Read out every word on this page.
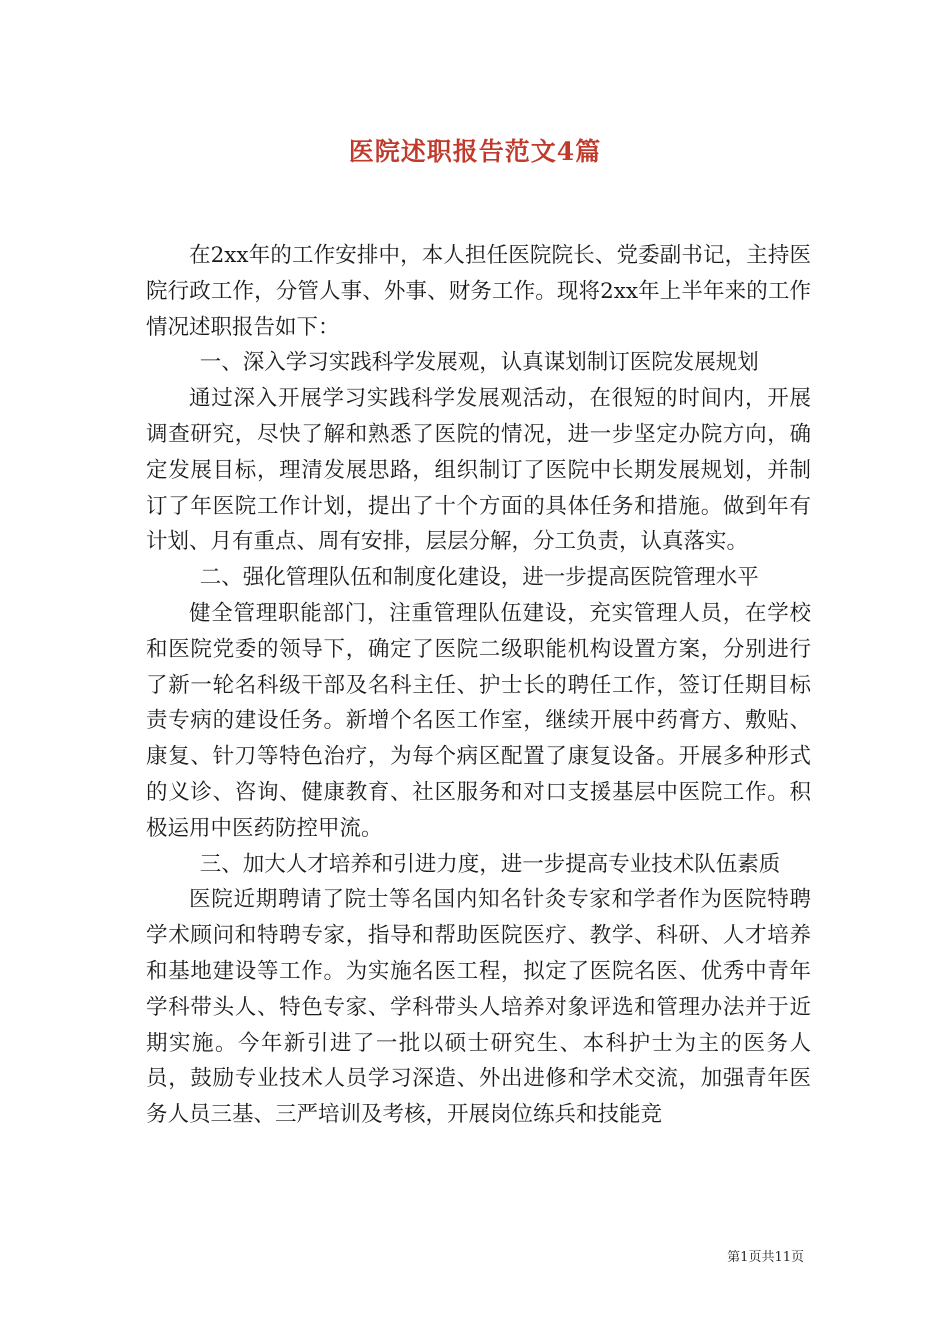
医院述职报告范文4篇

在2xx年的工作安排中，本人担任医院院长、党委副书记，主持医院行政工作，分管人事、外事、财务工作。现将2xx年上半年来的工作情况述职报告如下：

一、深入学习实践科学发展观，认真谋划制订医院发展规划

通过深入开展学习实践科学发展观活动，在很短的时间内，开展调查研究，尽快了解和熟悉了医院的情况，进一步坚定办院方向，确定发展目标，理清发展思路，组织制订了医院中长期发展规划，并制订了年医院工作计划，提出了十个方面的具体任务和措施。做到年有计划、月有重点、周有安排，层层分解，分工负责，认真落实。

二、强化管理队伍和制度化建设，进一步提高医院管理水平

健全管理职能部门，注重管理队伍建设，充实管理人员，在学校和医院党委的领导下，确定了医院二级职能机构设置方案，分别进行了新一轮名科级干部及名科主任、护士长的聘任工作，签订任期目标责专病的建设任务。新增个名医工作室，继续开展中药膏方、敷贴、康复、针刀等特色治疗，为每个病区配置了康复设备。开展多种形式的义诊、咨询、健康教育、社区服务和对口支援基层中医院工作。积极运用中医药防控甲流。

三、加大人才培养和引进力度，进一步提高专业技术队伍素质

医院近期聘请了院士等名国内知名针灸专家和学者作为医院特聘学术顾问和特聘专家，指导和帮助医院医疗、教学、科研、人才培养和基地建设等工作。为实施名医工程，拟定了医院名医、优秀中青年学科带头人、特色专家、学科带头人培养对象评选和管理办法并于近期实施。今年新引进了一批以硕士研究生、本科护士为主的医务人员，鼓励专业技术人员学习深造、外出进修和学术交流，加强青年医务人员三基、三严培训及考核，开展岗位练兵和技能竞

第1页共11页
